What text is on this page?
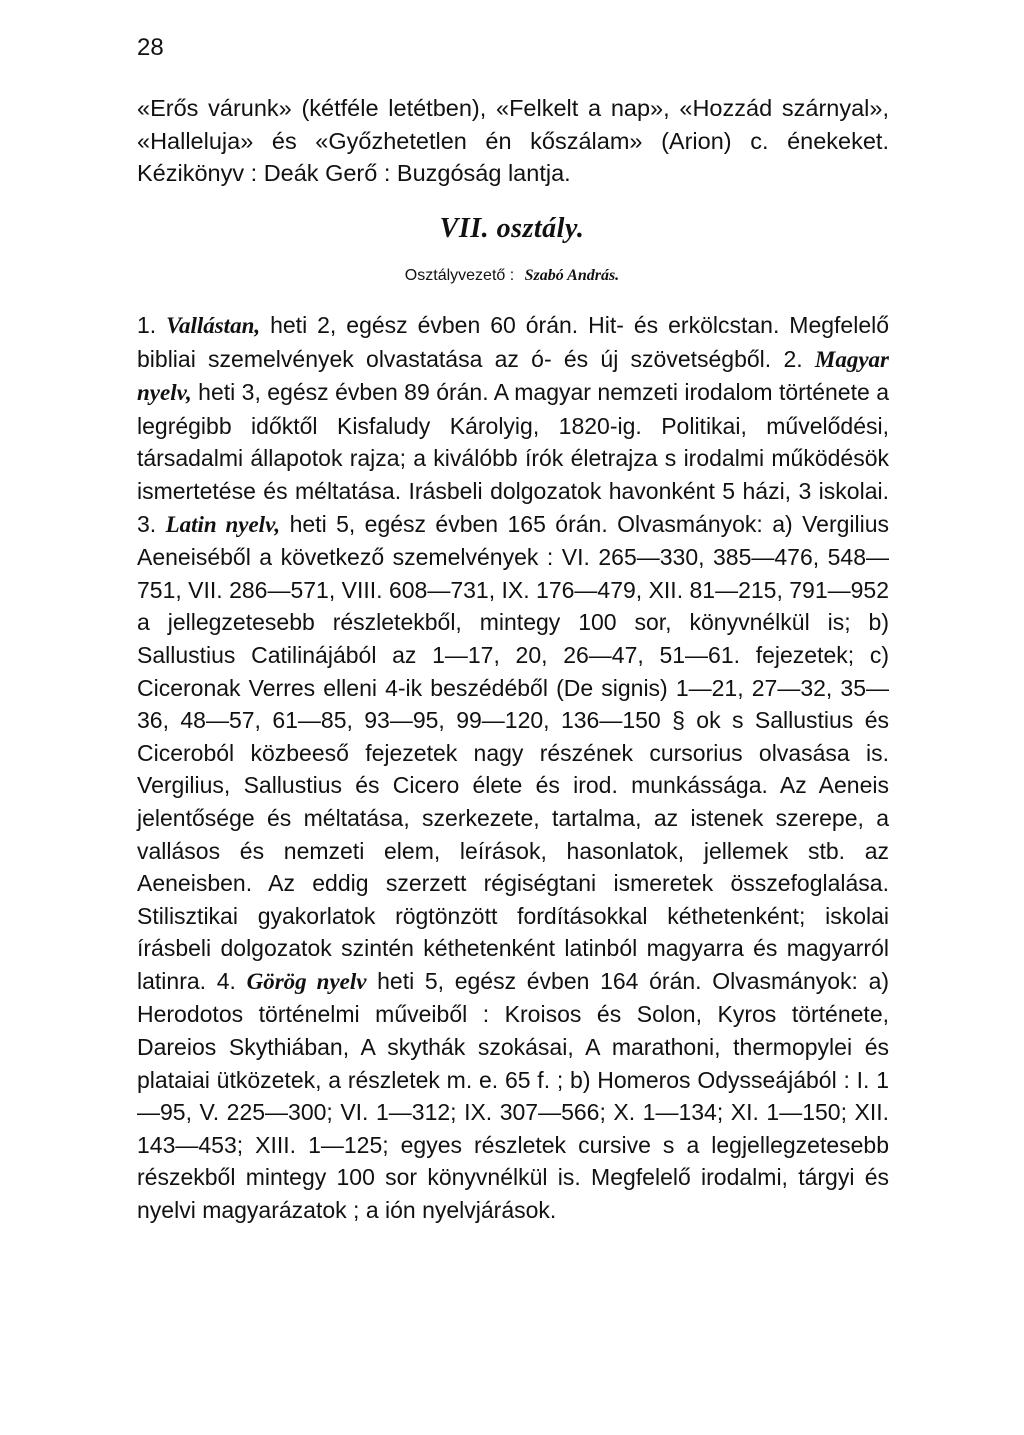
28

«Erős várunk» (kétféle letétben), «Felkelt a nap», «Hozzád szárnyal», «Halleluja» és «Győzhetetlen én kőszálam» (Arion) c. énekeket. Kézikönyv : Deák Gerő : Buzgóság lantja.

VII. osztály.
Osztályvezető : Szabó András.

1. Vallástan, heti 2, egész évben 60 órán. Hit- és erkölcstan. Megfelelő bibliai szemelvények olvastatása az ó- és új szövetségből. 2. Magyar nyelv, heti 3, egész évben 89 órán. A magyar nemzeti irodalom története a legrégibb időktől Kisfaludy Károlyig, 1820-ig. Politikai, művelődési, társadalmi állapotok rajza; a kiválóbb írók életrajza s irodalmi működésök ismertetése és méltatása. Irásbeli dolgozatok havonként 5 házi, 3 iskolai. 3. Latin nyelv, heti 5, egész évben 165 órán. Olvasmányok: a) Vergilius Aeneiséből a következő szemelvények : VI. 265—330, 385—476, 548—751, VII. 286—571, VIII. 608—731, IX. 176—479, XII. 81—215, 791—952 a jellegzetesebb részletekből, mintegy 100 sor, könyvnélkül is; b) Sallustius Catilinájából az 1—17, 20, 26—47, 51—61. fejezetek; c) Ciceronak Verres elleni 4-ik beszédéből (De signis) 1—21, 27—32, 35—36, 48—57, 61—85, 93—95, 99—120, 136—150 § ok s Sallustius és Ciceroból közbeeső fejezetek nagy részének cursorius olvasása is. Vergilius, Sallustius és Cicero élete és irod. munkássága. Az Aeneis jelentősége és méltatása, szerkezete, tartalma, az istenek szerepe, a vallásos és nemzeti elem, leírások, hasonlatok, jellemek stb. az Aeneisben. Az eddig szerzett régiségtani ismeretek összefoglalása. Stilisztikai gyakorlatok rögtönzött fordításokkal kéthetenként; iskolai írásbeli dolgozatok szintén kéthetenként latinból magyarra és magyarról latinra. 4. Görög nyelv heti 5, egész évben 164 órán. Olvasmányok: a) Herodotos történelmi műveiből : Kroisos és Solon, Kyros története, Dareios Skythiában, A skythák szokásai, A marathoni, thermopylei és plataiai ütközetek, a részletek m. e. 65 f. ; b) Homeros Odysseájából : I. 1—95, V. 225—300; VI. 1—312; IX. 307—566; X. 1—134; XI. 1—150; XII. 143—453; XIII. 1—125; egyes részletek cursive s a legjellegzetesebb részekből mintegy 100 sor könyvnélkül is. Megfelelő irodalmi, tárgyi és nyelvi magyarázatok ; a ión nyelvjárások.
